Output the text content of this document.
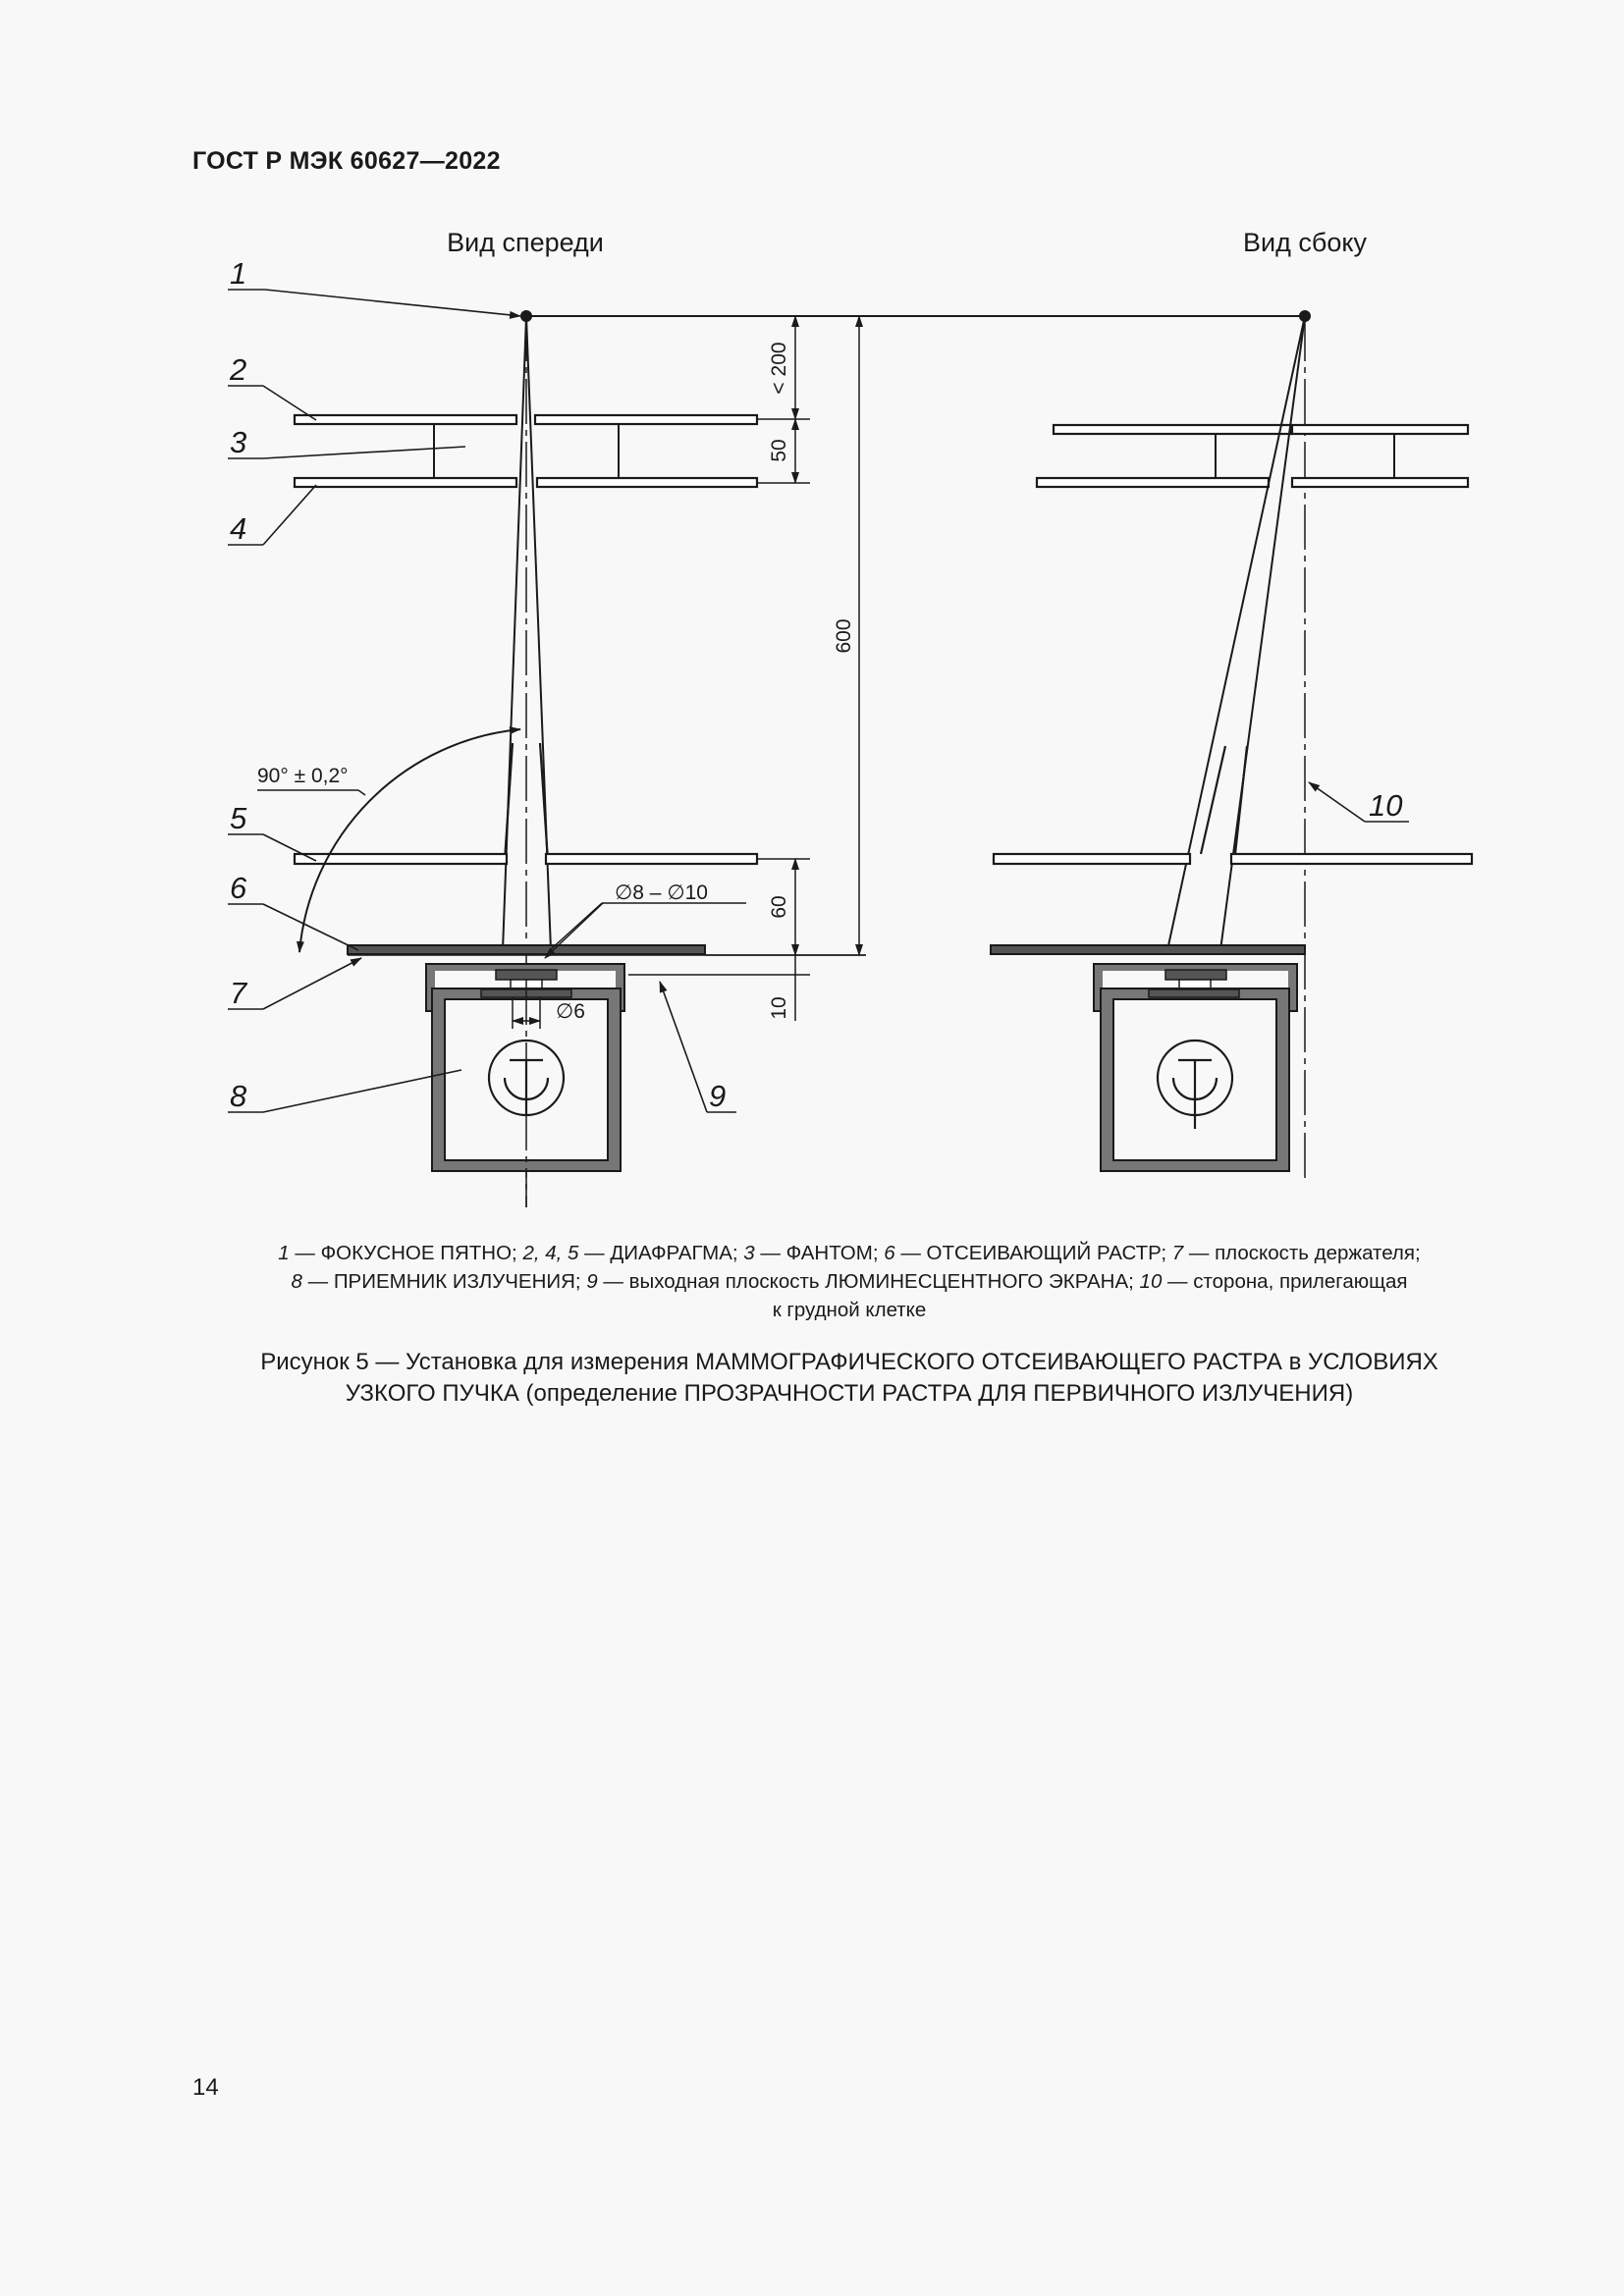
ГОСТ Р МЭК 60627—2022
Вид спереди	Вид сбоку
∅6
∅8 – ∅10
90° ± 0,2°
< 200
50
600
60
10
1
2
3
4
5
6
7
8	9
10
1 — ФОКУСНОЕ ПЯТНО; 2, 4, 5 — ДИАФРАГМА; 3 — ФАНТОМ; 6 — ОТСЕИВАЮЩИЙ РАСТР; 7 — плоскость держателя;
8 — ПРИЕМНИК ИЗЛУЧЕНИЯ; 9 — выходная плоскость ЛЮМИНЕСЦЕНТНОГО ЭКРАНА; 10 — сторона, прилегающая
к грудной клетке
Рисунок 5 — Установка для измерения МАММОГРАФИЧЕСКОГО ОТСЕИВАЮЩЕГО РАСТРА в УСЛОВИЯХ
УЗКОГО ПУЧКА (определение ПРОЗРАЧНОСТИ РАСТРА ДЛЯ ПЕРВИЧНОГО ИЗЛУЧЕНИЯ)
14
